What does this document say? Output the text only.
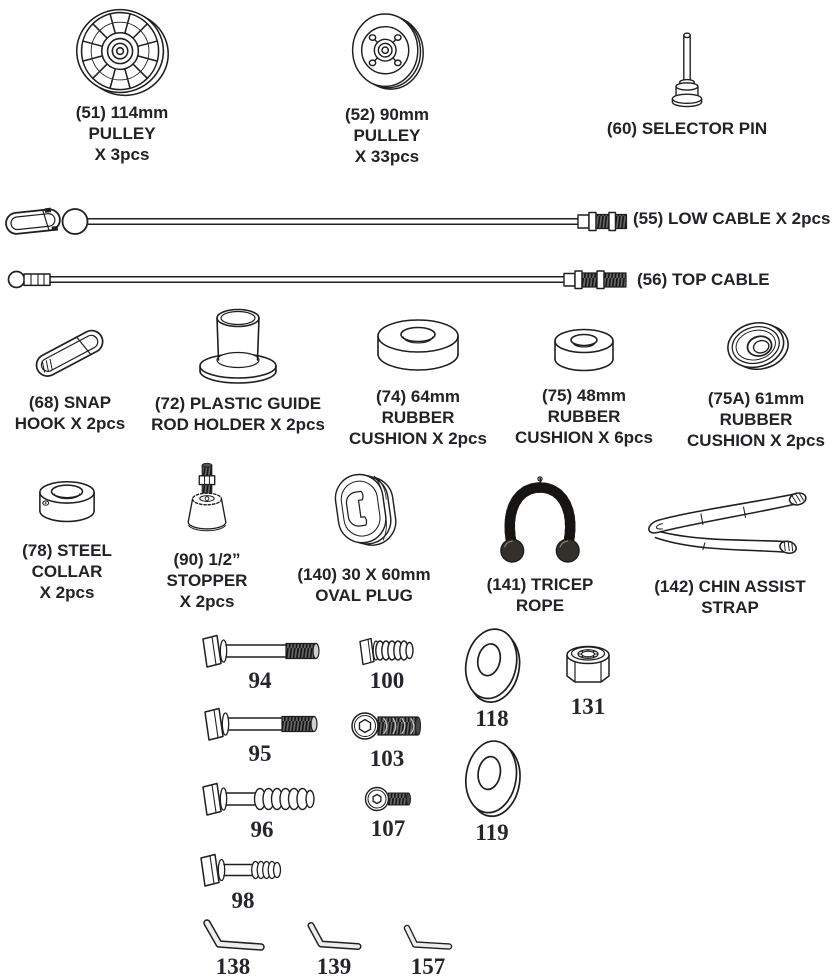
(51) 114mm
PULLEY
X 3pcs
(52) 90mm
PULLEY
X 33pcs
(60) SELECTOR PIN
(55) LOW CABLE X 2pcs
(56) TOP CABLE
(68) SNAP
HOOK X 2pcs
(72) PLASTIC GUIDE
ROD HOLDER X 2pcs
(74) 64mm
RUBBER
CUSHION X 2pcs
(75) 48mm
RUBBER
CUSHION X 6pcs
(75A) 61mm
RUBBER
CUSHION X 2pcs
(78) STEEL
COLLAR
X 2pcs
(90) 1/2”
STOPPER
X 2pcs
(140) 30 X 60mm
OVAL PLUG
(141) TRICEP
ROPE
(142) CHIN ASSIST
STRAP
94	100
118	131
95	103
119
96	107
98
138	139	157
